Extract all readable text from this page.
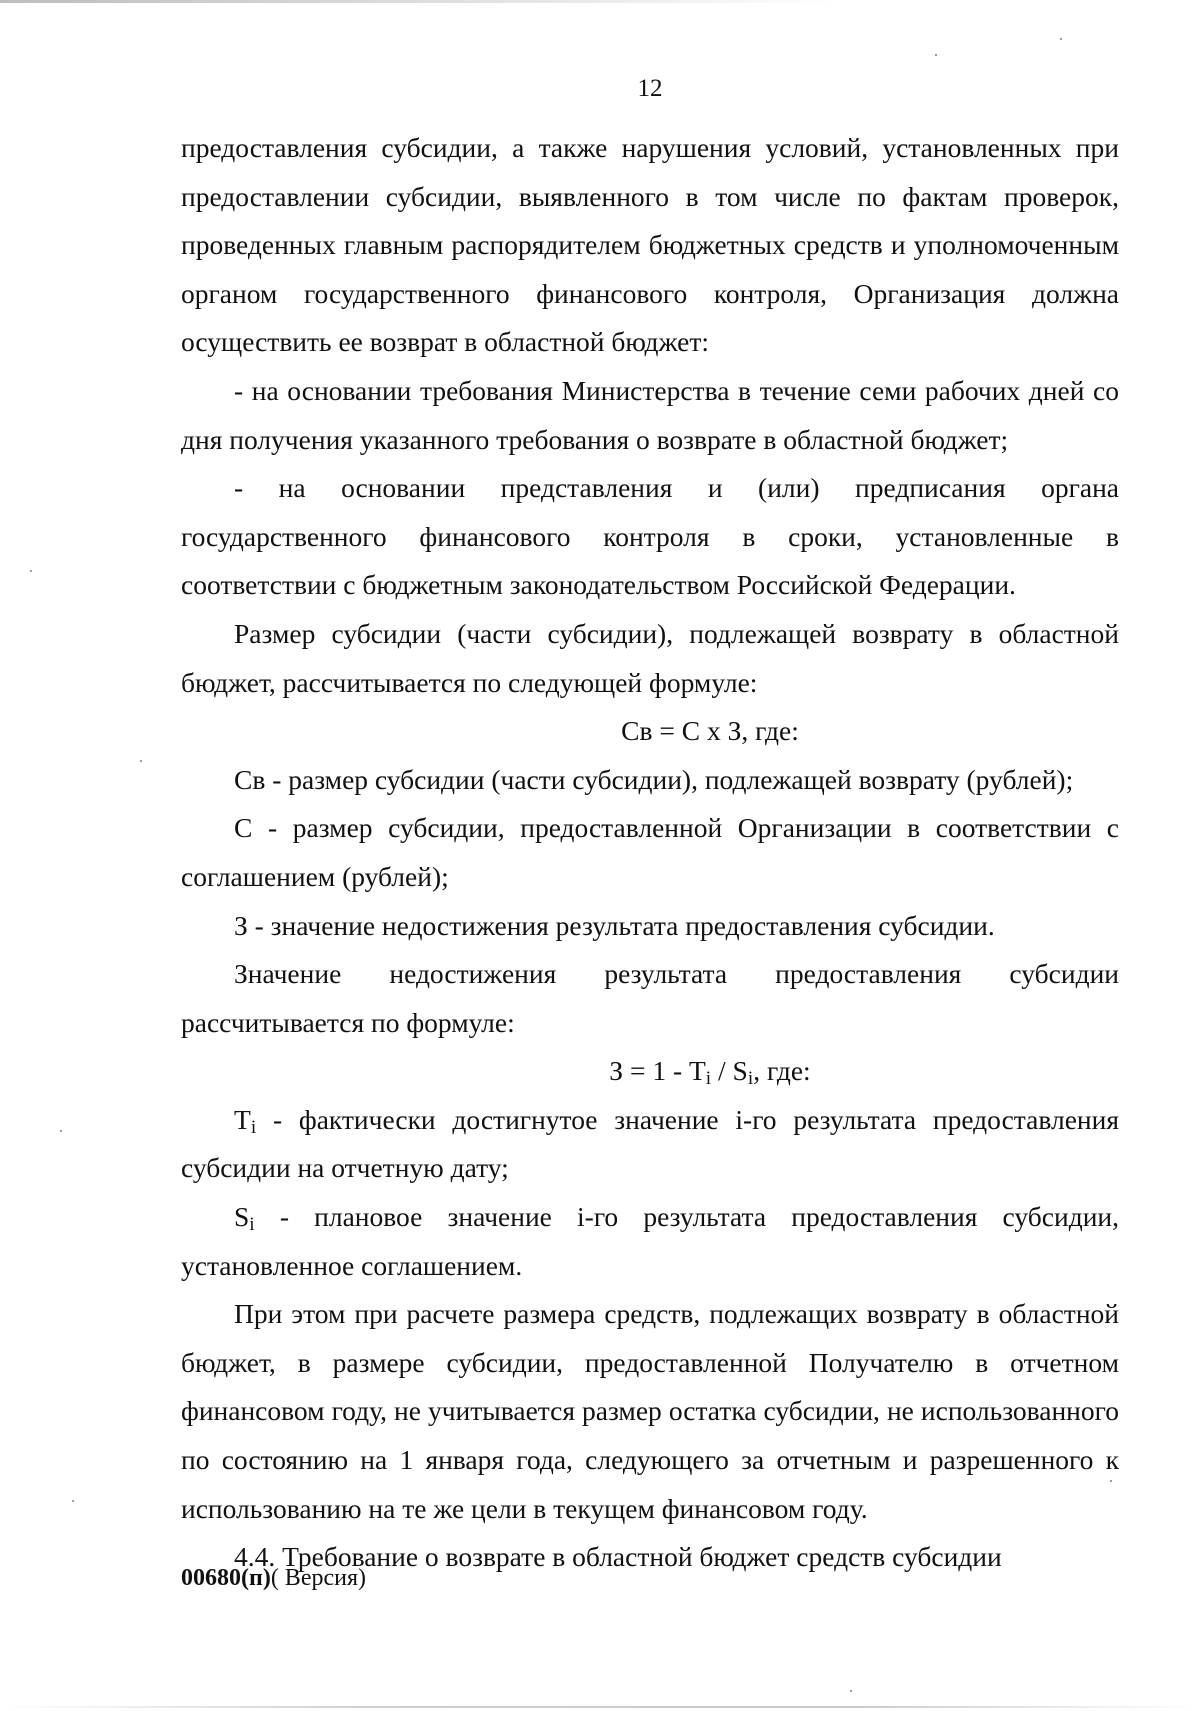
12

предоставления субсидии, а также нарушения условий, установленных при предоставлении субсидии, выявленного в том числе по фактам проверок, проведенных главным распорядителем бюджетных средств и уполномоченным органом государственного финансового контроля, Организация должна осуществить ее возврат в областной бюджет:

- на основании требования Министерства в течение семи рабочих дней со дня получения указанного требования о возврате в областной бюджет;

- на основании представления и (или) предписания органа государственного финансового контроля в сроки, установленные в соответствии с бюджетным законодательством Российской Федерации.

Размер субсидии (части субсидии), подлежащей возврату в областной бюджет, рассчитывается по следующей формуле:

Св = С х З, где:

Св - размер субсидии (части субсидии), подлежащей возврату (рублей);

С - размер субсидии, предоставленной Организации в соответствии с соглашением (рублей);

З - значение недостижения результата предоставления субсидии.

Значение недостижения результата предоставления субсидии рассчитывается по формуле:

$З = 1 - T_i / S_i$, где:

$T_i$ - фактически достигнутое значение i-го результата предоставления субсидии на отчетную дату;

$S_i$ - плановое значение i-го результата предоставления субсидии, установленное соглашением.

При этом при расчете размера средств, подлежащих возврату в областной бюджет, в размере субсидии, предоставленной Получателю в отчетном финансовом году, не учитывается размер остатка субсидии, не использованного по состоянию на 1 января года, следующего за отчетным и разрешенного к использованию на те же цели в текущем финансовом году.

4.4. Требование о возврате в областной бюджет средств субсидии

00680(п)( Версия)
